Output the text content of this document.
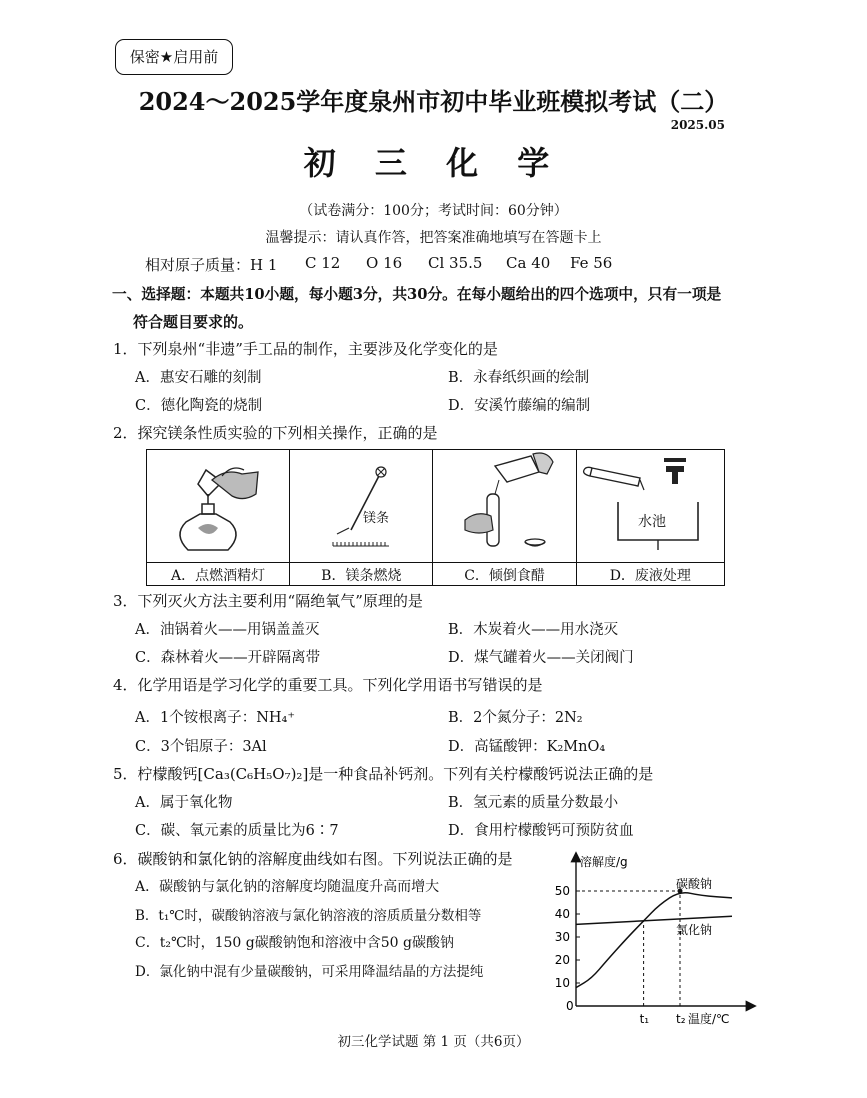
保密★启用前
2024～2025学年度泉州市初中毕业班模拟考试（二）
2025.05
初 三 化 学
（试卷满分：100分；考试时间：60分钟）
温馨提示：请认真作答，把答案准确地填写在答题卡上
相对原子质量：H 1 C 12 O 16 Cl 35.5 Ca 40 Fe 56
一、选择题：本题共10小题，每小题3分，共30分。在每小题给出的四个选项中，只有一项是
符合题目要求的。
1．下列泉州“非遗”手工品的制作，主要涉及化学变化的是
A．惠安石雕的刻制	B．永春纸织画的绘制
C．德化陶瓷的烧制	D．安溪竹藤编的编制
2．探究镁条性质实验的下列相关操作，正确的是

镁条		水池

A．点燃酒精灯	B．镁条燃烧	C．倾倒食醋	D．废液处理
3．下列灭火方法主要利用“隔绝氧气”原理的是
A．油锅着火——用锅盖盖灭	B．木炭着火——用水浇灭
C．森林着火——开辟隔离带	D．煤气罐着火——关闭阀门
4．化学用语是学习化学的重要工具。下列化学用语书写错误的是
A．1个铵根离子：NH₄⁺	B．2个氮分子：2N₂
C．3个铝原子：3Al	D．高锰酸钾：K₂MnO₄
5．柠檬酸钙[Ca₃(C₆H₅O₇)₂]是一种食品补钙剂。下列有关柠檬酸钙说法正确的是
A．属于氧化物	B．氢元素的质量分数最小
C．碳、氧元素的质量比为6∶7	D．食用柠檬酸钙可预防贫血
6．碳酸钠和氯化钠的溶解度曲线如右图。下列说法正确的是
A．碳酸钠与氯化钠的溶解度均随温度升高而增大
B．t₁℃时，碳酸钠溶液与氯化钠溶液的溶质质量分数相等
C．t₂℃时，150 g碳酸钠饱和溶液中含50 g碳酸钠
D．氯化钠中混有少量碳酸钠，可采用降温结晶的方法提纯
溶解度/g
温度/℃
0
10
20
30
40
50
t₁ t₂
碳酸钠
氯化钠
初三化学试题 第 1 页（共6页）
